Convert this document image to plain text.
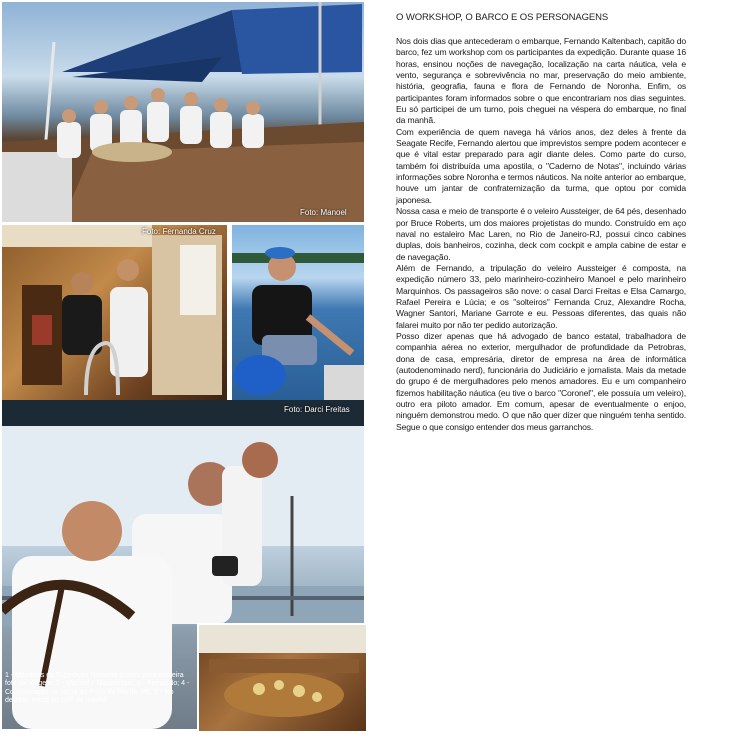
Foto: Manoel
Foto: Fernanda Cruz
Foto: Darci Freitas
1 - Membros da Expedição Noronha posam para primeira foto da Viagem; 2 - Manoel e Marquinhos; 3 - Fernando; 4 - Concentração na saída do Porto de Recife, PE; 5 - No detalhe, mesa do café da manhã
O WORKSHOP, O BARCO E OS PERSONAGENS

Nos dois dias que antecederam o embarque, Fernando Kaltenbach, capitão do barco, fez um workshop com os participantes da expedição. Durante quase 16 horas, ensinou noções de navegação, localização na carta náutica, vela e vento, segurança e sobrevivência no mar, preservação do meio ambiente, história, geografia, fauna e flora de Fernando de Noronha. Enfim, os participantes foram informados sobre o que encontrariam nos dias seguintes. Eu só participei de um turno, pois cheguei na véspera do embarque, no final da manhã.

Com experiência de quem navega há vários anos, dez deles à frente da Seagate Recife, Fernando alertou que imprevistos sempre podem acontecer e que é vital estar preparado para agir diante deles. Como parte do curso, também foi distribuída uma apostila, o "Caderno de Notas", incluindo várias informações sobre Noronha e termos náuticos. Na noite anterior ao embarque, houve um jantar de confraternização da turma, que optou por comida japonesa.

Nossa casa e meio de transporte é o veleiro Aussteiger, de 64 pés, desenhado por Bruce Roberts, um dos maiores projetistas do mundo. Construído em aço naval no estaleiro Mac Laren, no Rio de Janeiro-RJ, possui cinco cabines duplas, dois banheiros, cozinha, deck com cockpit e ampla cabine de estar e de navegação.

Além de Fernando, a tripulação do veleiro Aussteiger é composta, na expedição número 33, pelo marinheiro-cozinheiro Manoel e pelo marinheiro Marquinhos. Os passageiros são nove: o casal Darci Freitas e Elsa Camargo, Rafael Pereira e Lúcia; e os "solteiros" Fernanda Cruz, Alexandre Rocha, Wagner Santori, Mariane Garrote e eu. Pessoas diferentes, das quais não falarei muito por não ter pedido autorização.

Posso dizer apenas que há advogado de banco estatal, trabalhadora de companhia aérea no exterior, mergulhador de profundidade da Petrobras, dona de casa, empresária, diretor de empresa na área de informática (autodenominado nerd), funcionária do Judiciário e jornalista. Mais da metade do grupo é de mergulhadores pelo menos amadores. Eu e um companheiro fizemos habilitação náutica (eu tive o barco "Coronel", ele possuía um veleiro), outro era piloto amador. Em comum, apesar de eventualmente o enjoo, ninguém demonstrou medo. O que não quer dizer que ninguém tenha sentido. Segue o que consigo entender dos meus garranchos.
